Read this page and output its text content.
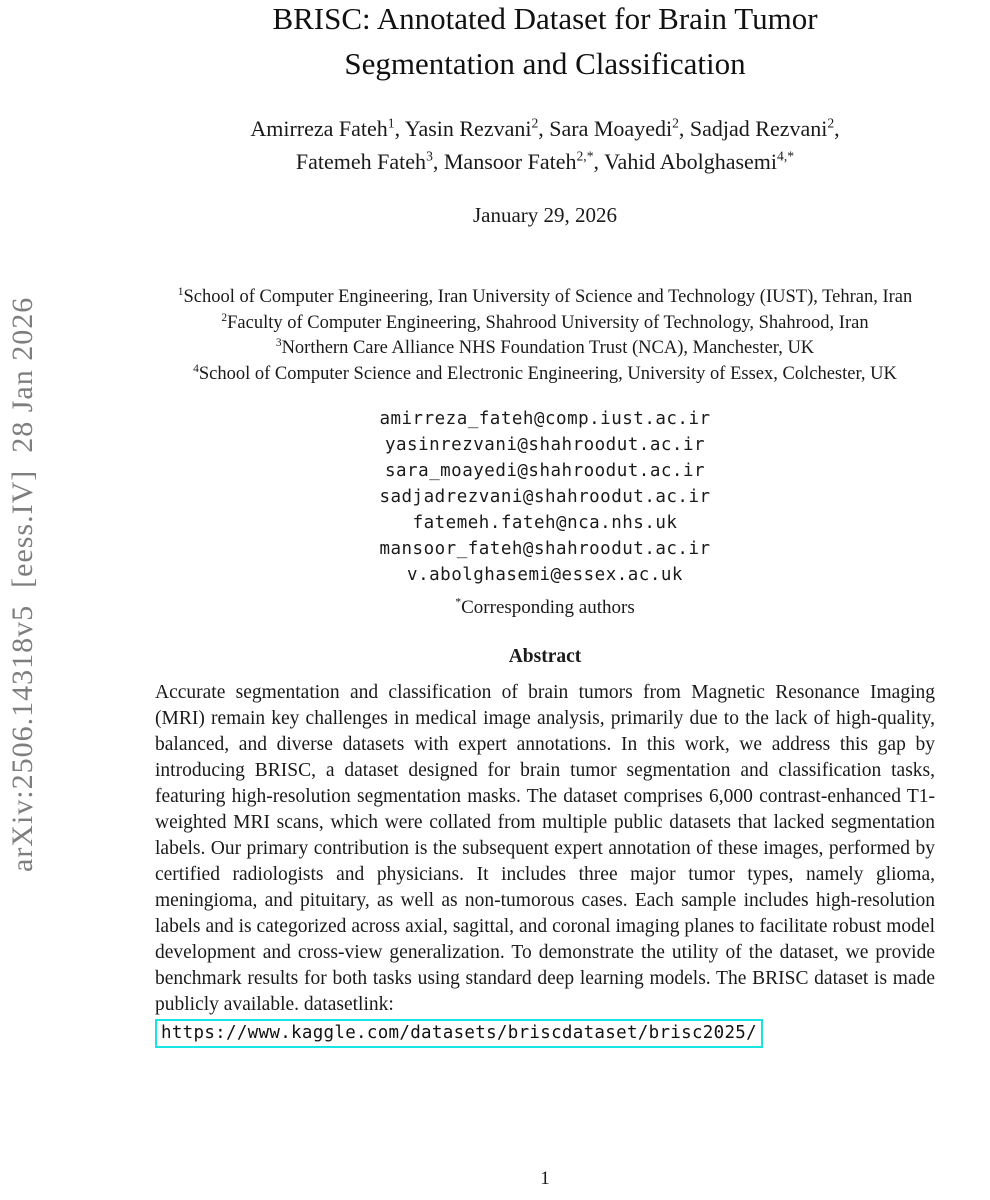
arXiv:2506.14318v5  [eess.IV]  28 Jan 2026
BRISC: Annotated Dataset for Brain Tumor
Segmentation and Classification
Amirreza Fateh$^1$, Yasin Rezvani$^2$, Sara Moayedi$^2$, Sadjad Rezvani$^2$,
Fatemeh Fateh$^3$, Mansoor Fateh$^{2,*}$, Vahid Abolghasemi$^{4,*}$
January 29, 2026
$^1$School of Computer Engineering, Iran University of Science and Technology (IUST), Tehran, Iran
$^2$Faculty of Computer Engineering, Shahrood University of Technology, Shahrood, Iran
$^3$Northern Care Alliance NHS Foundation Trust (NCA), Manchester, UK
$^4$School of Computer Science and Electronic Engineering, University of Essex, Colchester, UK
amirreza_fateh@comp.iust.ac.ir
yasinrezvani@shahroodut.ac.ir
sara_moayedi@shahroodut.ac.ir
sadjadrezvani@shahroodut.ac.ir
fatemeh.fateh@nca.nhs.uk
mansoor_fateh@shahroodut.ac.ir
v.abolghasemi@essex.ac.uk
*Corresponding authors
Abstract
Accurate segmentation and classification of brain tumors from Magnetic Resonance Imaging (MRI) remain key challenges in medical image analysis, primarily due to the lack of high-quality, balanced, and diverse datasets with expert annotations. In this work, we address this gap by introducing BRISC, a dataset designed for brain tumor segmentation and classification tasks, featuring high-resolution segmentation masks. The dataset comprises 6,000 contrast-enhanced T1-weighted MRI scans, which were collated from multiple public datasets that lacked segmentation labels. Our primary contribution is the subsequent expert annotation of these images, performed by certified radiologists and physicians. It includes three major tumor types, namely glioma, meningioma, and pituitary, as well as non-tumorous cases. Each sample includes high-resolution labels and is categorized across axial, sagittal, and coronal imaging planes to facilitate robust model development and cross-view generalization. To demonstrate the utility of the dataset, we provide benchmark results for both tasks using standard deep learning models. The BRISC dataset is made publicly available. datasetlink:
https://www.kaggle.com/datasets/briscdataset/brisc2025/
1
